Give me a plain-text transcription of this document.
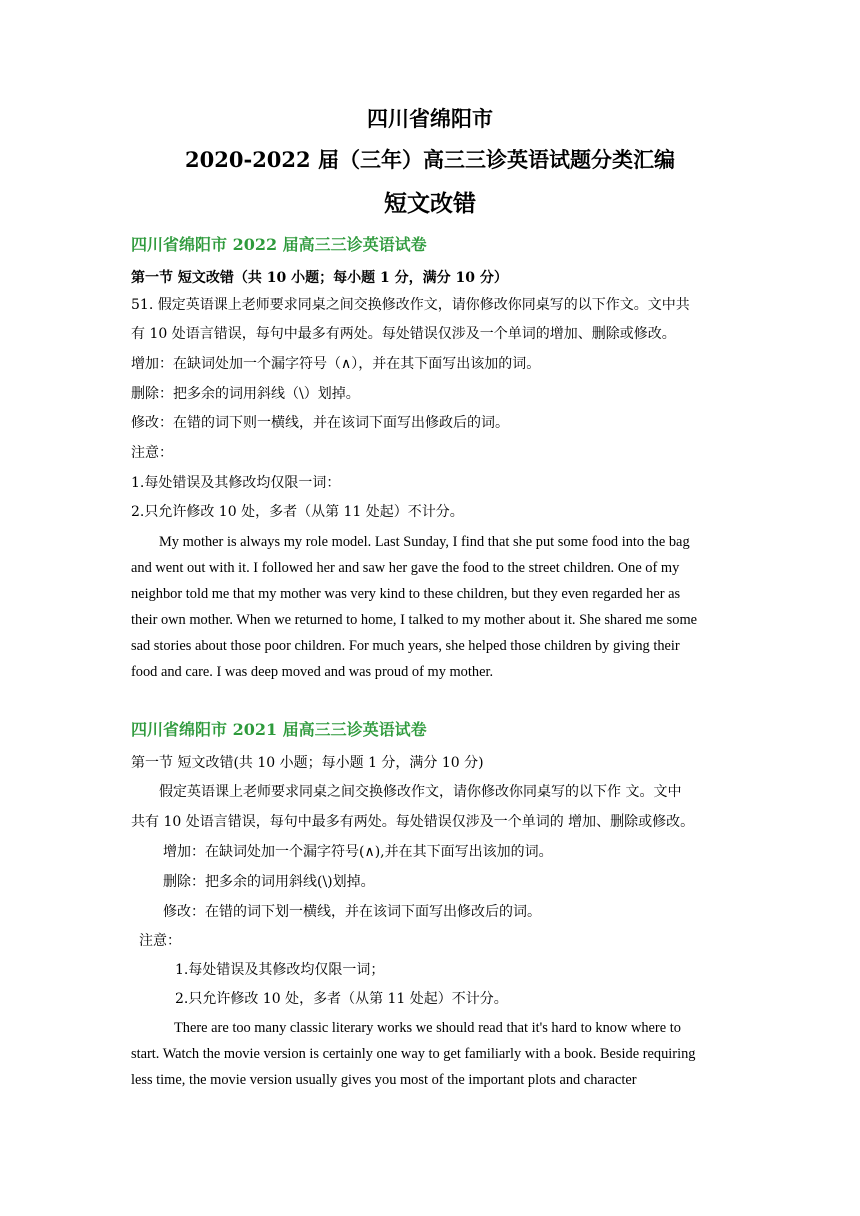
四川省绵阳市
2020-2022 届（三年）高三三诊英语试题分类汇编
短文改错
四川省绵阳市 2022 届高三三诊英语试卷
第一节 短文改错（共 10 小题；每小题 1 分，满分 10 分）
51. 假定英语课上老师要求同桌之间交换修改作文，请你修改你同桌写的以下作文。文中共
有 10 处语言错误，每句中最多有两处。每处错误仅涉及一个单词的增加、删除或修改。
增加：在缺词处加一个漏字符号（∧），并在其下面写出该加的词。
删除：把多余的词用斜线（\）划掉。
修改：在错的词下则一横线，并在该词下面写出修政后的词。
注意：
1.每处错误及其修改均仅限一词：
2.只允许修改 10 处，多者（从第 11 处起）不计分。
My mother is always my role model. Last Sunday, I find that she put some food into the bag
and went out with it. I followed her and saw her gave the food to the street children. One of my
neighbor told me that my mother was very kind to these children, but they even regarded her as
their own mother. When we returned to home, I talked to my mother about it. She shared me some
sad stories about those poor children. For much years, she helped those children by giving their
food and care. I was deep moved and was proud of my mother.
四川省绵阳市 2021 届高三三诊英语试卷
第一节 短文改错(共 10 小题；每小题 1 分，满分 10 分)
假定英语课上老师要求同桌之间交换修改作文，请你修改你同桌写的以下作 文。文中
共有 10 处语言错误，每句中最多有两处。每处错误仅涉及一个单词的 增加、删除或修改。
增加：在缺词处加一个漏字符号(∧),并在其下面写出该加的词。
删除：把多余的词用斜线(\)划掉。
修改：在错的词下划一横线，并在该词下面写出修改后的词。
注意：
1.每处错误及其修改均仅限一词；
2.只允许修改 10 处，多者（从第 11 处起）不计分。
There are too many classic literary works we should read that it's hard to know where to
start. Watch the movie version is certainly one way to get familiarly with a book. Beside requiring
less time, the movie version usually gives you most of the important plots and character
